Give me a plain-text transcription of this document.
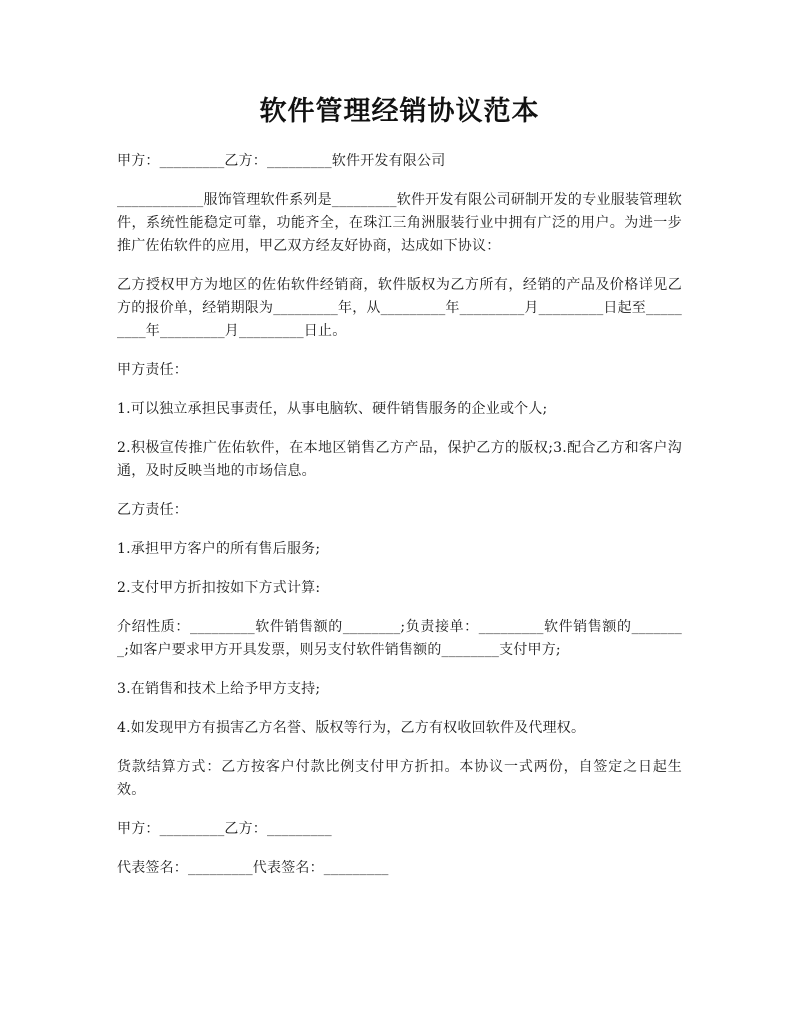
软件管理经销协议范本

甲方：_________乙方：_________软件开发有限公司

____________服饰管理软件系列是_________软件开发有限公司研制开发的专业服装管理软件，系统性能稳定可靠，功能齐全，在珠江三角洲服装行业中拥有广泛的用户。为进一步推广佐佑软件的应用，甲乙双方经友好协商，达成如下协议：

乙方授权甲方为地区的佐佑软件经销商，软件版权为乙方所有，经销的产品及价格详见乙方的报价单，经销期限为_________年，从_________年_________月_________日起至_________年_________月_________日止。

甲方责任：

1.可以独立承担民事责任，从事电脑软、硬件销售服务的企业或个人;

2.积极宣传推广佐佑软件，在本地区销售乙方产品，保护乙方的版权;3.配合乙方和客户沟通，及时反映当地的市场信息。

乙方责任：

1.承担甲方客户的所有售后服务;

2.支付甲方折扣按如下方式计算:

介绍性质：_________软件销售额的________;负责接单：_________软件销售额的________;如客户要求甲方开具发票，则另支付软件销售额的________支付甲方;

3.在销售和技术上给予甲方支持;

4.如发现甲方有损害乙方名誉、版权等行为，乙方有权收回软件及代理权。

货款结算方式：乙方按客户付款比例支付甲方折扣。本协议一式两份，自签定之日起生效。

甲方：_________乙方：_________

代表签名：_________代表签名：_________
